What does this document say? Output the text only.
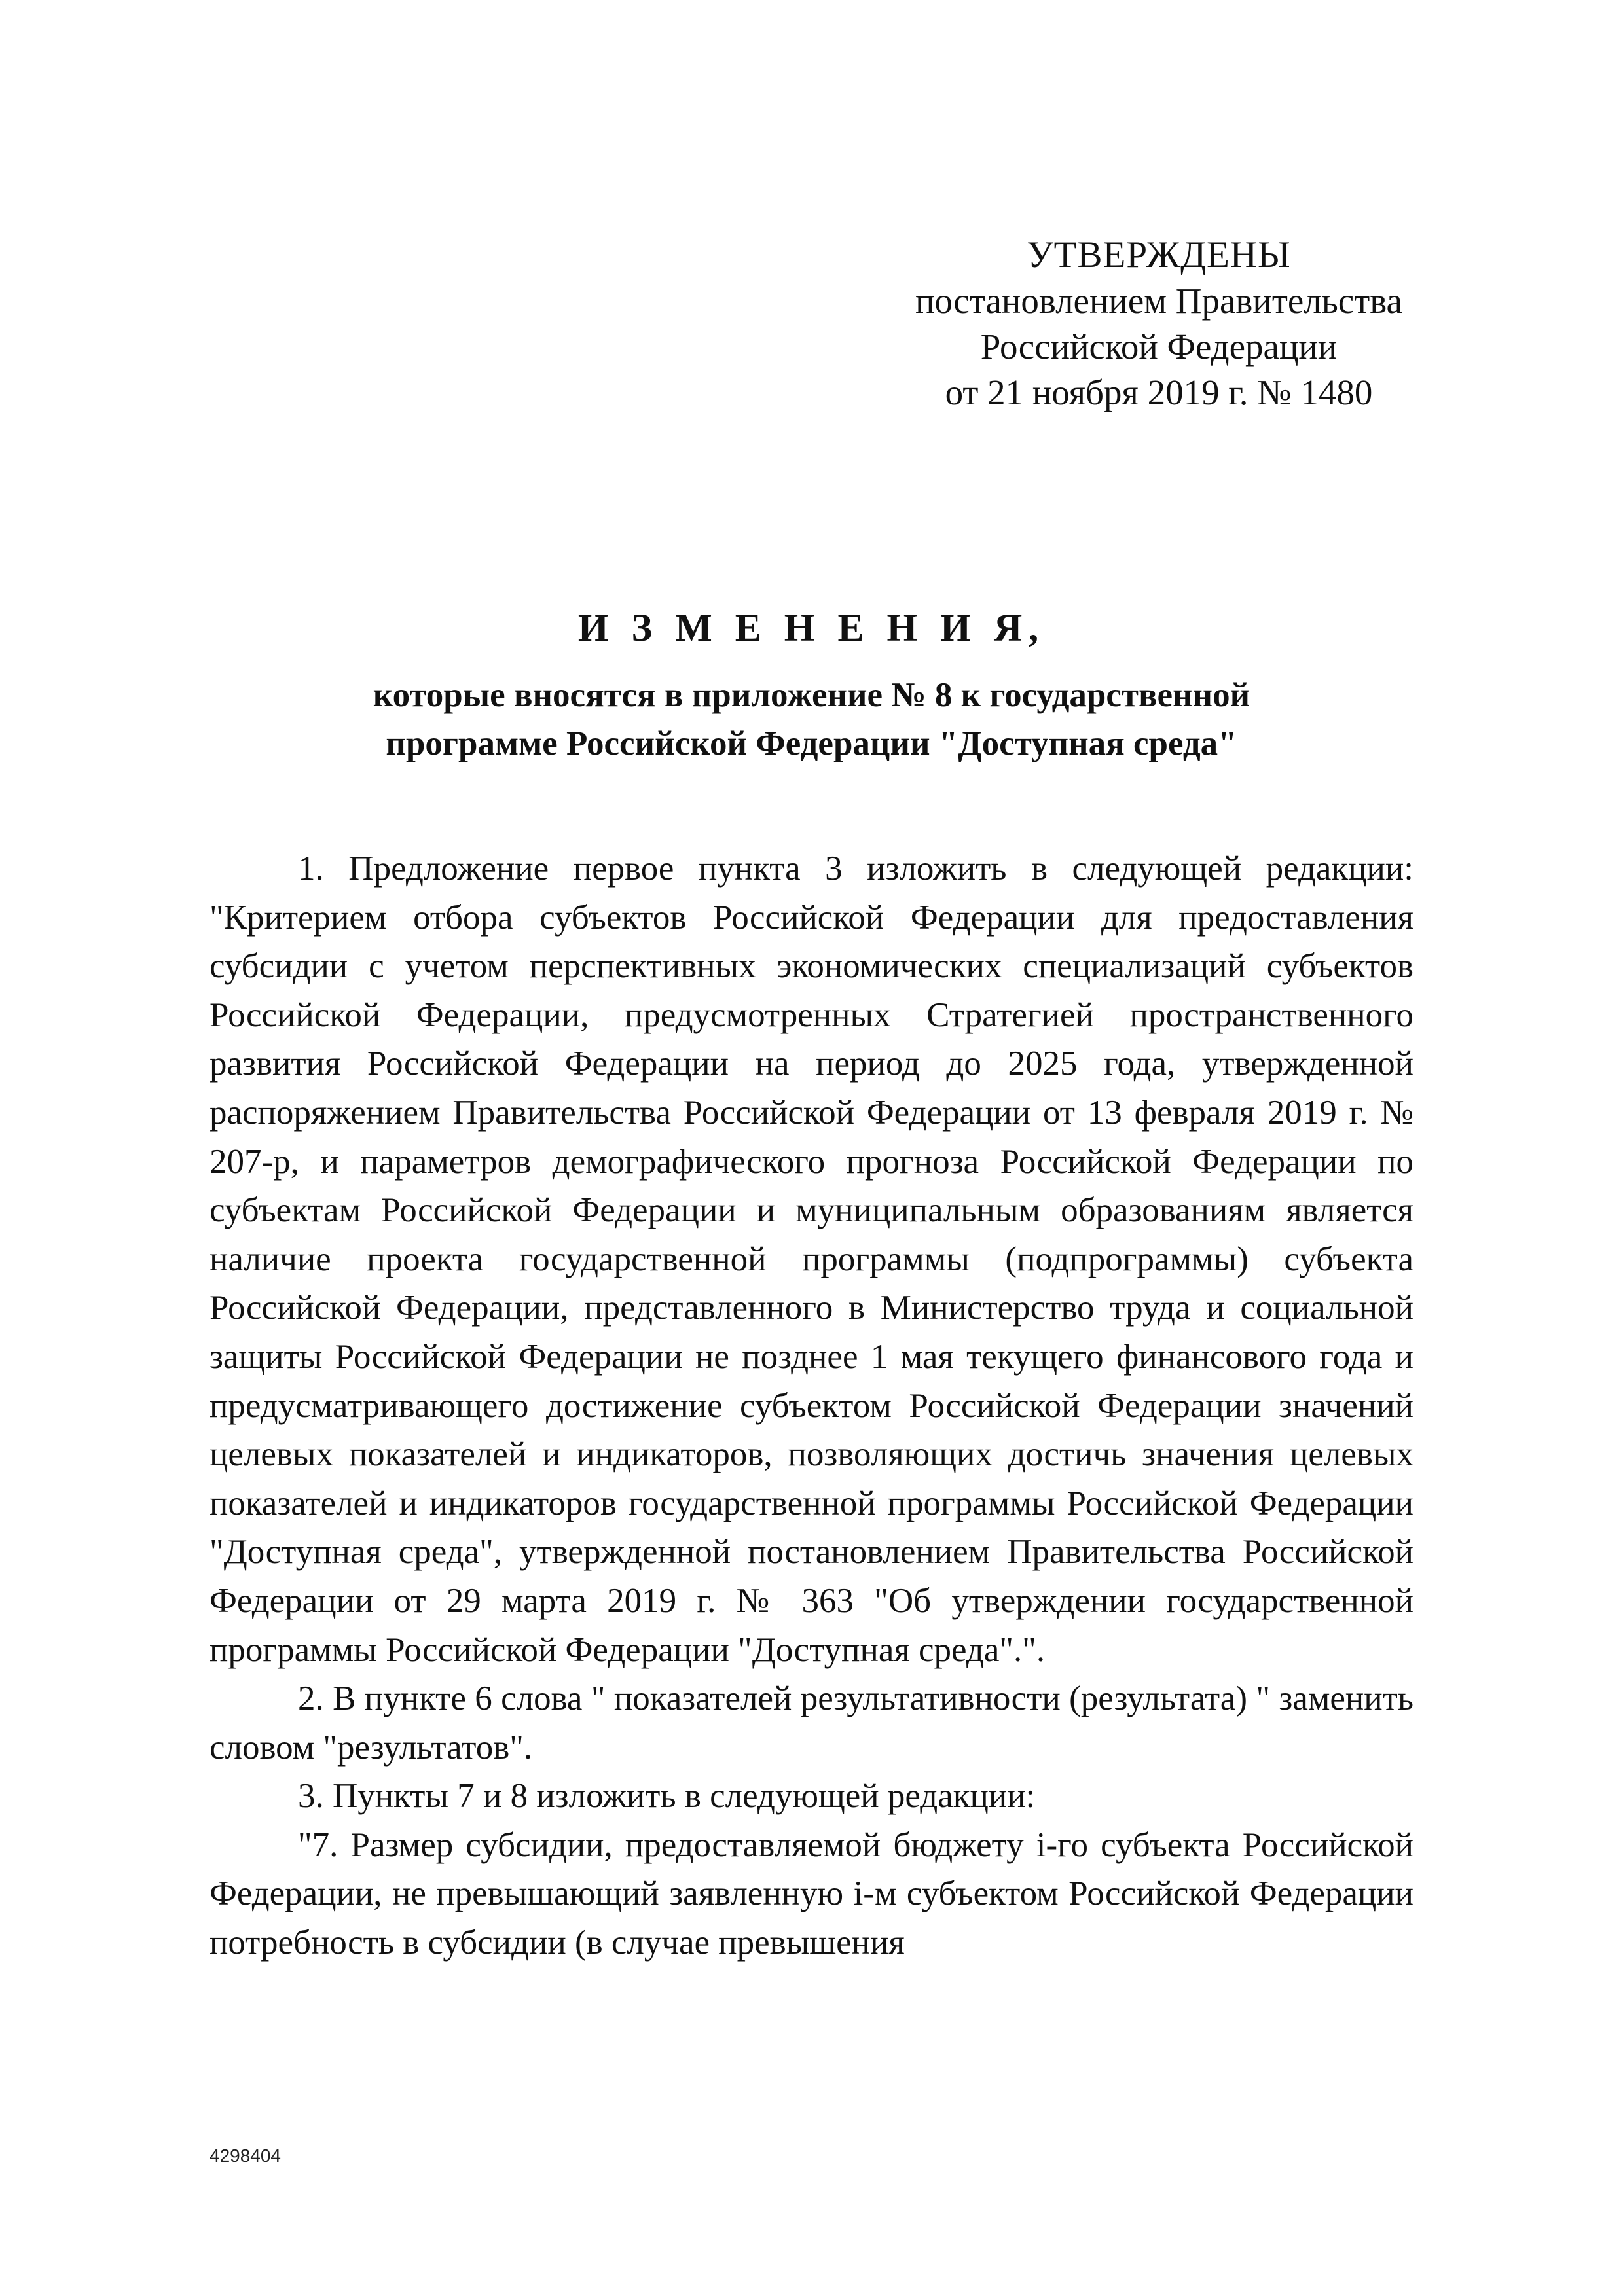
УТВЕРЖДЕНЫ
постановлением Правительства
Российской Федерации
от 21 ноября 2019 г. № 1480
И З М Е Н Е Н И Я,
которые вносятся в приложение № 8 к государственной
программе Российской Федерации "Доступная среда"

1. Предложение первое пункта 3 изложить в следующей редакции: "Критерием отбора субъектов Российской Федерации для предоставления субсидии с учетом перспективных экономических специализаций субъектов Российской Федерации, предусмотренных Стратегией пространственного развития Российской Федерации на период до 2025 года, утвержденной распоряжением Правительства Российской Федерации от 13 февраля 2019 г. № 207-р, и параметров демографического прогноза Российской Федерации по субъектам Российской Федерации и муниципальным образованиям является наличие проекта государственной программы (подпрограммы) субъекта Российской Федерации, представленного в Министерство труда и социальной защиты Российской Федерации не позднее 1 мая текущего финансового года и предусматривающего достижение субъектом Российской Федерации значений целевых показателей и индикаторов, позволяющих достичь значения целевых показателей и индикаторов государственной программы Российской Федерации "Доступная среда", утвержденной постановлением Правительства Российской Федерации от 29 марта 2019 г. № 363 "Об утверждении государственной программы Российской Федерации "Доступная среда".".

2. В пункте 6 слова " показателей результативности (результата) " заменить словом "результатов".

3. Пункты 7 и 8 изложить в следующей редакции:

"7. Размер субсидии, предоставляемой бюджету i-го субъекта Российской Федерации, не превышающий заявленную i-м субъектом Российской Федерации потребность в субсидии (в случае превышения

4298404
